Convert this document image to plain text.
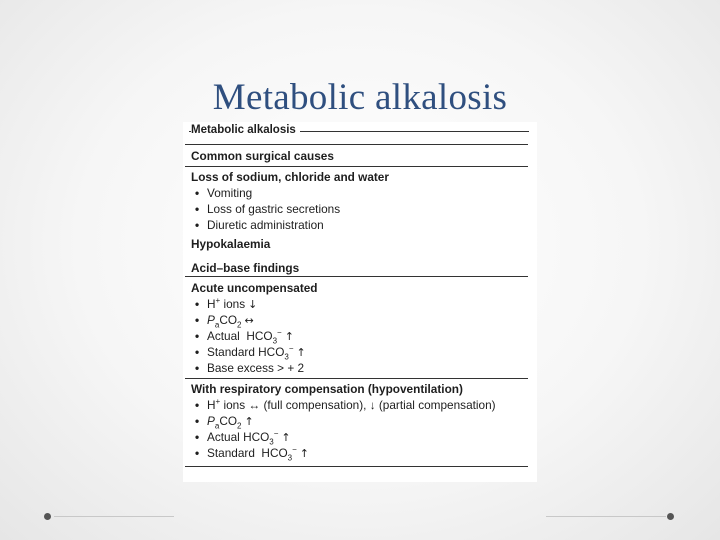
Metabolic alkalosis
Metabolic alkalosis
Common surgical causes
Loss of sodium, chloride and water
• Vomiting
• Loss of gastric secretions
• Diuretic administration
Hypokalaemia
Acid–base findings
Acute uncompensated
• H+ ions ↓
• $P_aCO_2$ ↔
• Actual  $HCO_3^-$ ↑
• Standard $HCO_3^-$ ↑
• Base excess > + 2
With respiratory compensation (hypoventilation)
• H+ ions ↔ (full compensation), ↓ (partial compensation)
• $P_aCO_2$ ↑
• Actual $HCO_3^-$ ↑
• Standard  $HCO_3^-$ ↑
